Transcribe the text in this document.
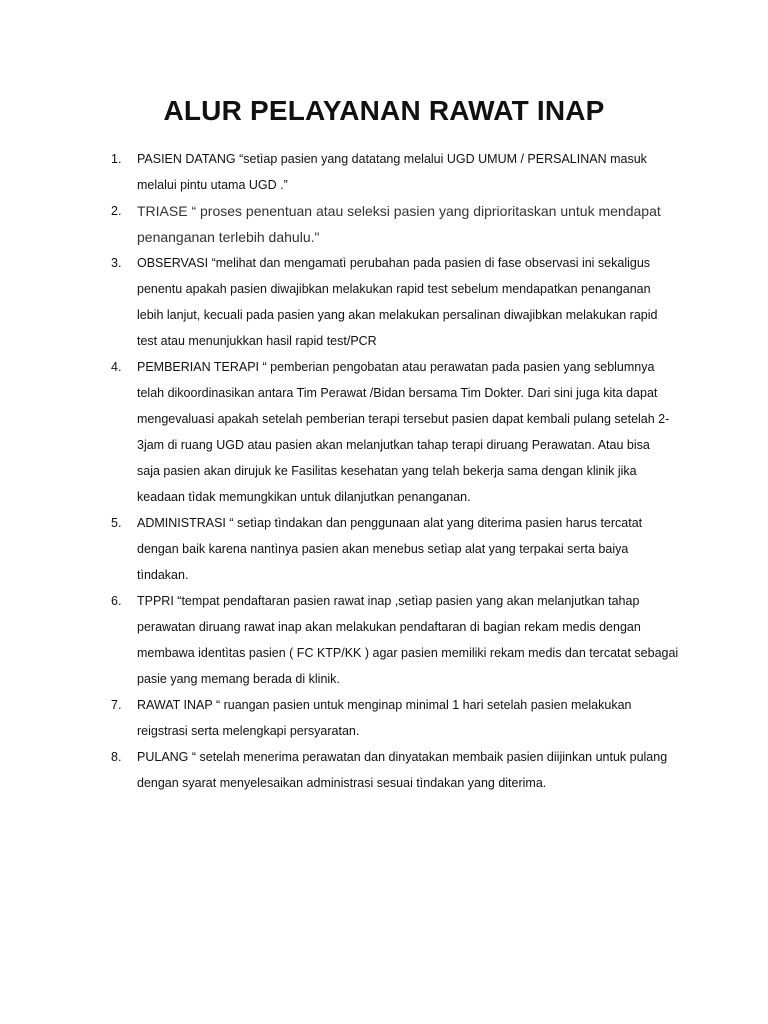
ALUR PELAYANAN RAWAT INAP
1. PASIEN DATANG “setìap pasien yang datatang melalui UGD UMUM / PERSALINAN masuk
melalui pintu utama UGD .”
2. TRIASE “ proses penentuan atau seleksi pasien yang diprioritaskan untuk mendapat
penanganan terlebih dahulu."
3. OBSERVASI “melihat dan mengamatì perubahan pada pasien di fase observasi ini sekaligus
penentu apakah pasien diwajibkan melakukan rapid test sebelum mendapatkan penanganan
lebih lanjut, kecuali pada pasien yang akan melakukan persalinan diwajibkan melakukan rapid
test atau menunjukkan hasil rapid test/PCR
4. PEMBERIAN TERAPI “ pemberian pengobatan atau perawatan pada pasien yang seblumnya
telah dikoordinasikan antara Tim Perawat /Bidan bersama Tim Dokter. Dari sini juga kita dapat
mengevaluasi apakah setelah pemberian terapi tersebut pasien dapat kembali pulang setelah 2-
3jam di ruang UGD atau pasien akan melanjutkan tahap terapi diruang Perawatan. Atau bisa
saja pasien akan dirujuk ke Fasilitas kesehatan yang telah bekerja sama dengan klinik jika
keadaan tìdak memungkikan untuk dilanjutkan penanganan.
5. ADMINISTRASI “ setìap tìndakan dan penggunaan alat yang diterima pasien harus tercatat
dengan baik karena nantìnya pasien akan menebus setìap alat yang terpakai serta baiya
tìndakan.
6. TPPRI “tempat pendaftaran pasien rawat inap ,setìap pasien yang akan melanjutkan tahap
perawatan diruang rawat inap akan melakukan pendaftaran di bagian rekam medis dengan
membawa identìtas pasien ( FC KTP/KK ) agar pasien memiliki rekam medis dan tercatat sebagai
pasie yang memang berada di klinik.
7. RAWAT INAP “ ruangan pasien untuk menginap minimal 1 hari setelah pasien melakukan
reigstrasi serta melengkapi persyaratan.
8. PULANG “ setelah menerima perawatan dan dinyatakan membaik pasien diijinkan untuk pulang
dengan syarat menyelesaikan administrasi sesuai tìndakan yang diterima.
